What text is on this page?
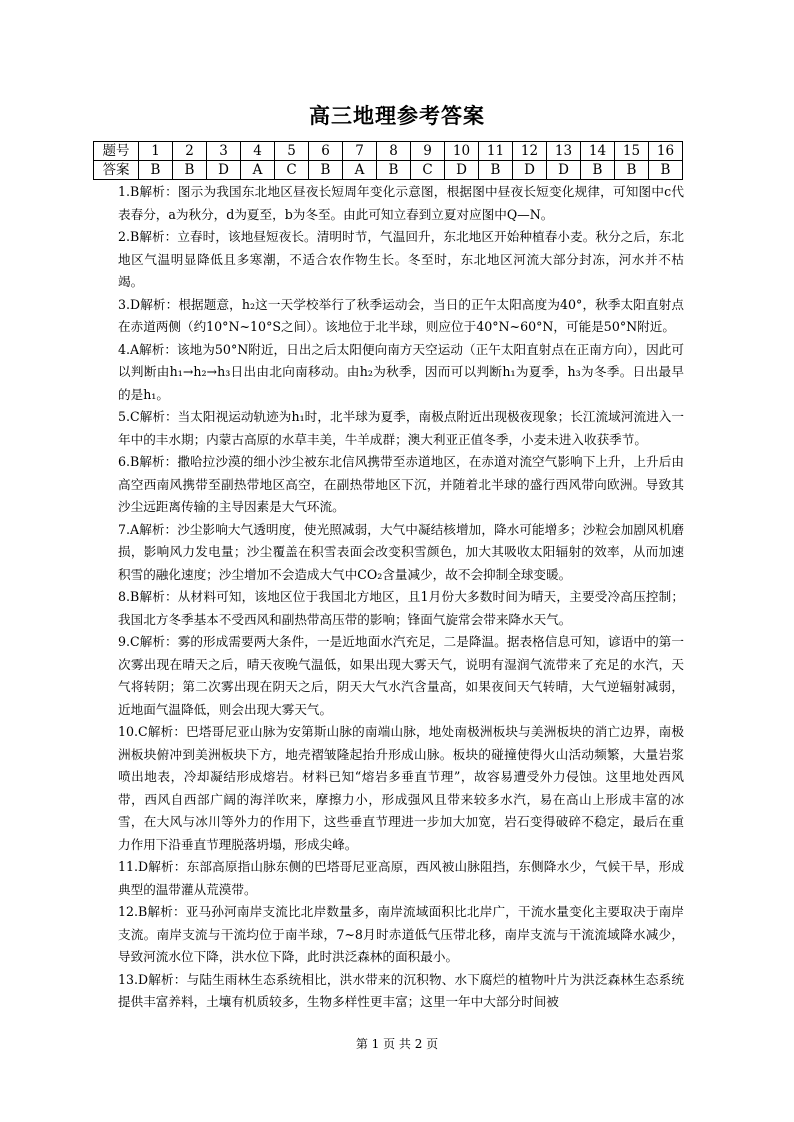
高三地理参考答案
题号	1	2	3	4	5	6	7	8	9	10	11	12	13	14	15	16
答案	B	B	D	A	C	B	A	B	C	D	B	D	D	B	B	B

1.B解析：图示为我国东北地区昼夜长短周年变化示意图，根据图中昼夜长短变化规律，可知图中c代表春分，a为秋分，d为夏至，b为冬至。由此可知立春到立夏对应图中Q—N。

2.B解析：立春时，该地昼短夜长。清明时节，气温回升，东北地区开始种植春小麦。秋分之后，东北地区气温明显降低且多寒潮，不适合农作物生长。冬至时，东北地区河流大部分封冻，河水并不枯竭。

3.D解析：根据题意，h₂这一天学校举行了秋季运动会，当日的正午太阳高度为40°，秋季太阳直射点在赤道两侧（约10°N~10°S之间）。该地位于北半球，则应位于40°N~60°N，可能是50°N附近。

4.A解析：该地为50°N附近，日出之后太阳便向南方天空运动（正午太阳直射点在正南方向），因此可以判断由h₁→h₂→h₃日出由北向南移动。由h₂为秋季，因而可以判断h₁为夏季，h₃为冬季。日出最早的是h₁。

5.C解析：当太阳视运动轨迹为h₁时，北半球为夏季，南极点附近出现极夜现象；长江流域河流进入一年中的丰水期；内蒙古高原的水草丰美，牛羊成群；澳大利亚正值冬季，小麦未进入收获季节。

6.B解析：撒哈拉沙漠的细小沙尘被东北信风携带至赤道地区，在赤道对流空气影响下上升，上升后由高空西南风携带至副热带地区高空，在副热带地区下沉，并随着北半球的盛行西风带向欧洲。导致其沙尘远距离传输的主导因素是大气环流。

7.A解析：沙尘影响大气透明度，使光照减弱，大气中凝结核增加，降水可能增多；沙粒会加剧风机磨损，影响风力发电量；沙尘覆盖在积雪表面会改变积雪颜色，加大其吸收太阳辐射的效率，从而加速积雪的融化速度；沙尘增加不会造成大气中CO₂含量减少，故不会抑制全球变暖。

8.B解析：从材料可知，该地区位于我国北方地区，且1月份大多数时间为晴天，主要受冷高压控制；我国北方冬季基本不受西风和副热带高压带的影响；锋面气旋常会带来降水天气。

9.C解析：雾的形成需要两大条件，一是近地面水汽充足，二是降温。据表格信息可知，谚语中的第一次雾出现在晴天之后，晴天夜晚气温低，如果出现大雾天气，说明有湿润气流带来了充足的水汽，天气将转阴；第二次雾出现在阴天之后，阴天大气水汽含量高，如果夜间天气转晴，大气逆辐射减弱，近地面气温降低，则会出现大雾天气。

10.C解析：巴塔哥尼亚山脉为安第斯山脉的南端山脉，地处南极洲板块与美洲板块的消亡边界，南极洲板块俯冲到美洲板块下方，地壳褶皱隆起抬升形成山脉。板块的碰撞使得火山活动频繁，大量岩浆喷出地表，冷却凝结形成熔岩。材料已知“熔岩多垂直节理”，故容易遭受外力侵蚀。这里地处西风带，西风自西部广阔的海洋吹来，摩擦力小，形成强风且带来较多水汽，易在高山上形成丰富的冰雪，在大风与冰川等外力的作用下，这些垂直节理进一步加大加宽，岩石变得破碎不稳定，最后在重力作用下沿垂直节理脱落坍塌，形成尖峰。

11.D解析：东部高原指山脉东侧的巴塔哥尼亚高原，西风被山脉阻挡，东侧降水少，气候干旱，形成典型的温带灌从荒漠带。

12.B解析：亚马孙河南岸支流比北岸数量多，南岸流域面积比北岸广，干流水量变化主要取决于南岸支流。南岸支流与干流均位于南半球，7~8月时赤道低气压带北移，南岸支流与干流流域降水减少，导致河流水位下降，洪水位下降，此时洪泛森林的面积最小。

13.D解析：与陆生雨林生态系统相比，洪水带来的沉积物、水下腐烂的植物叶片为洪泛森林生态系统提供丰富养料，土壤有机质较多，生物多样性更丰富；这里一年中大部分时间被

第 1 页 共 2 页
